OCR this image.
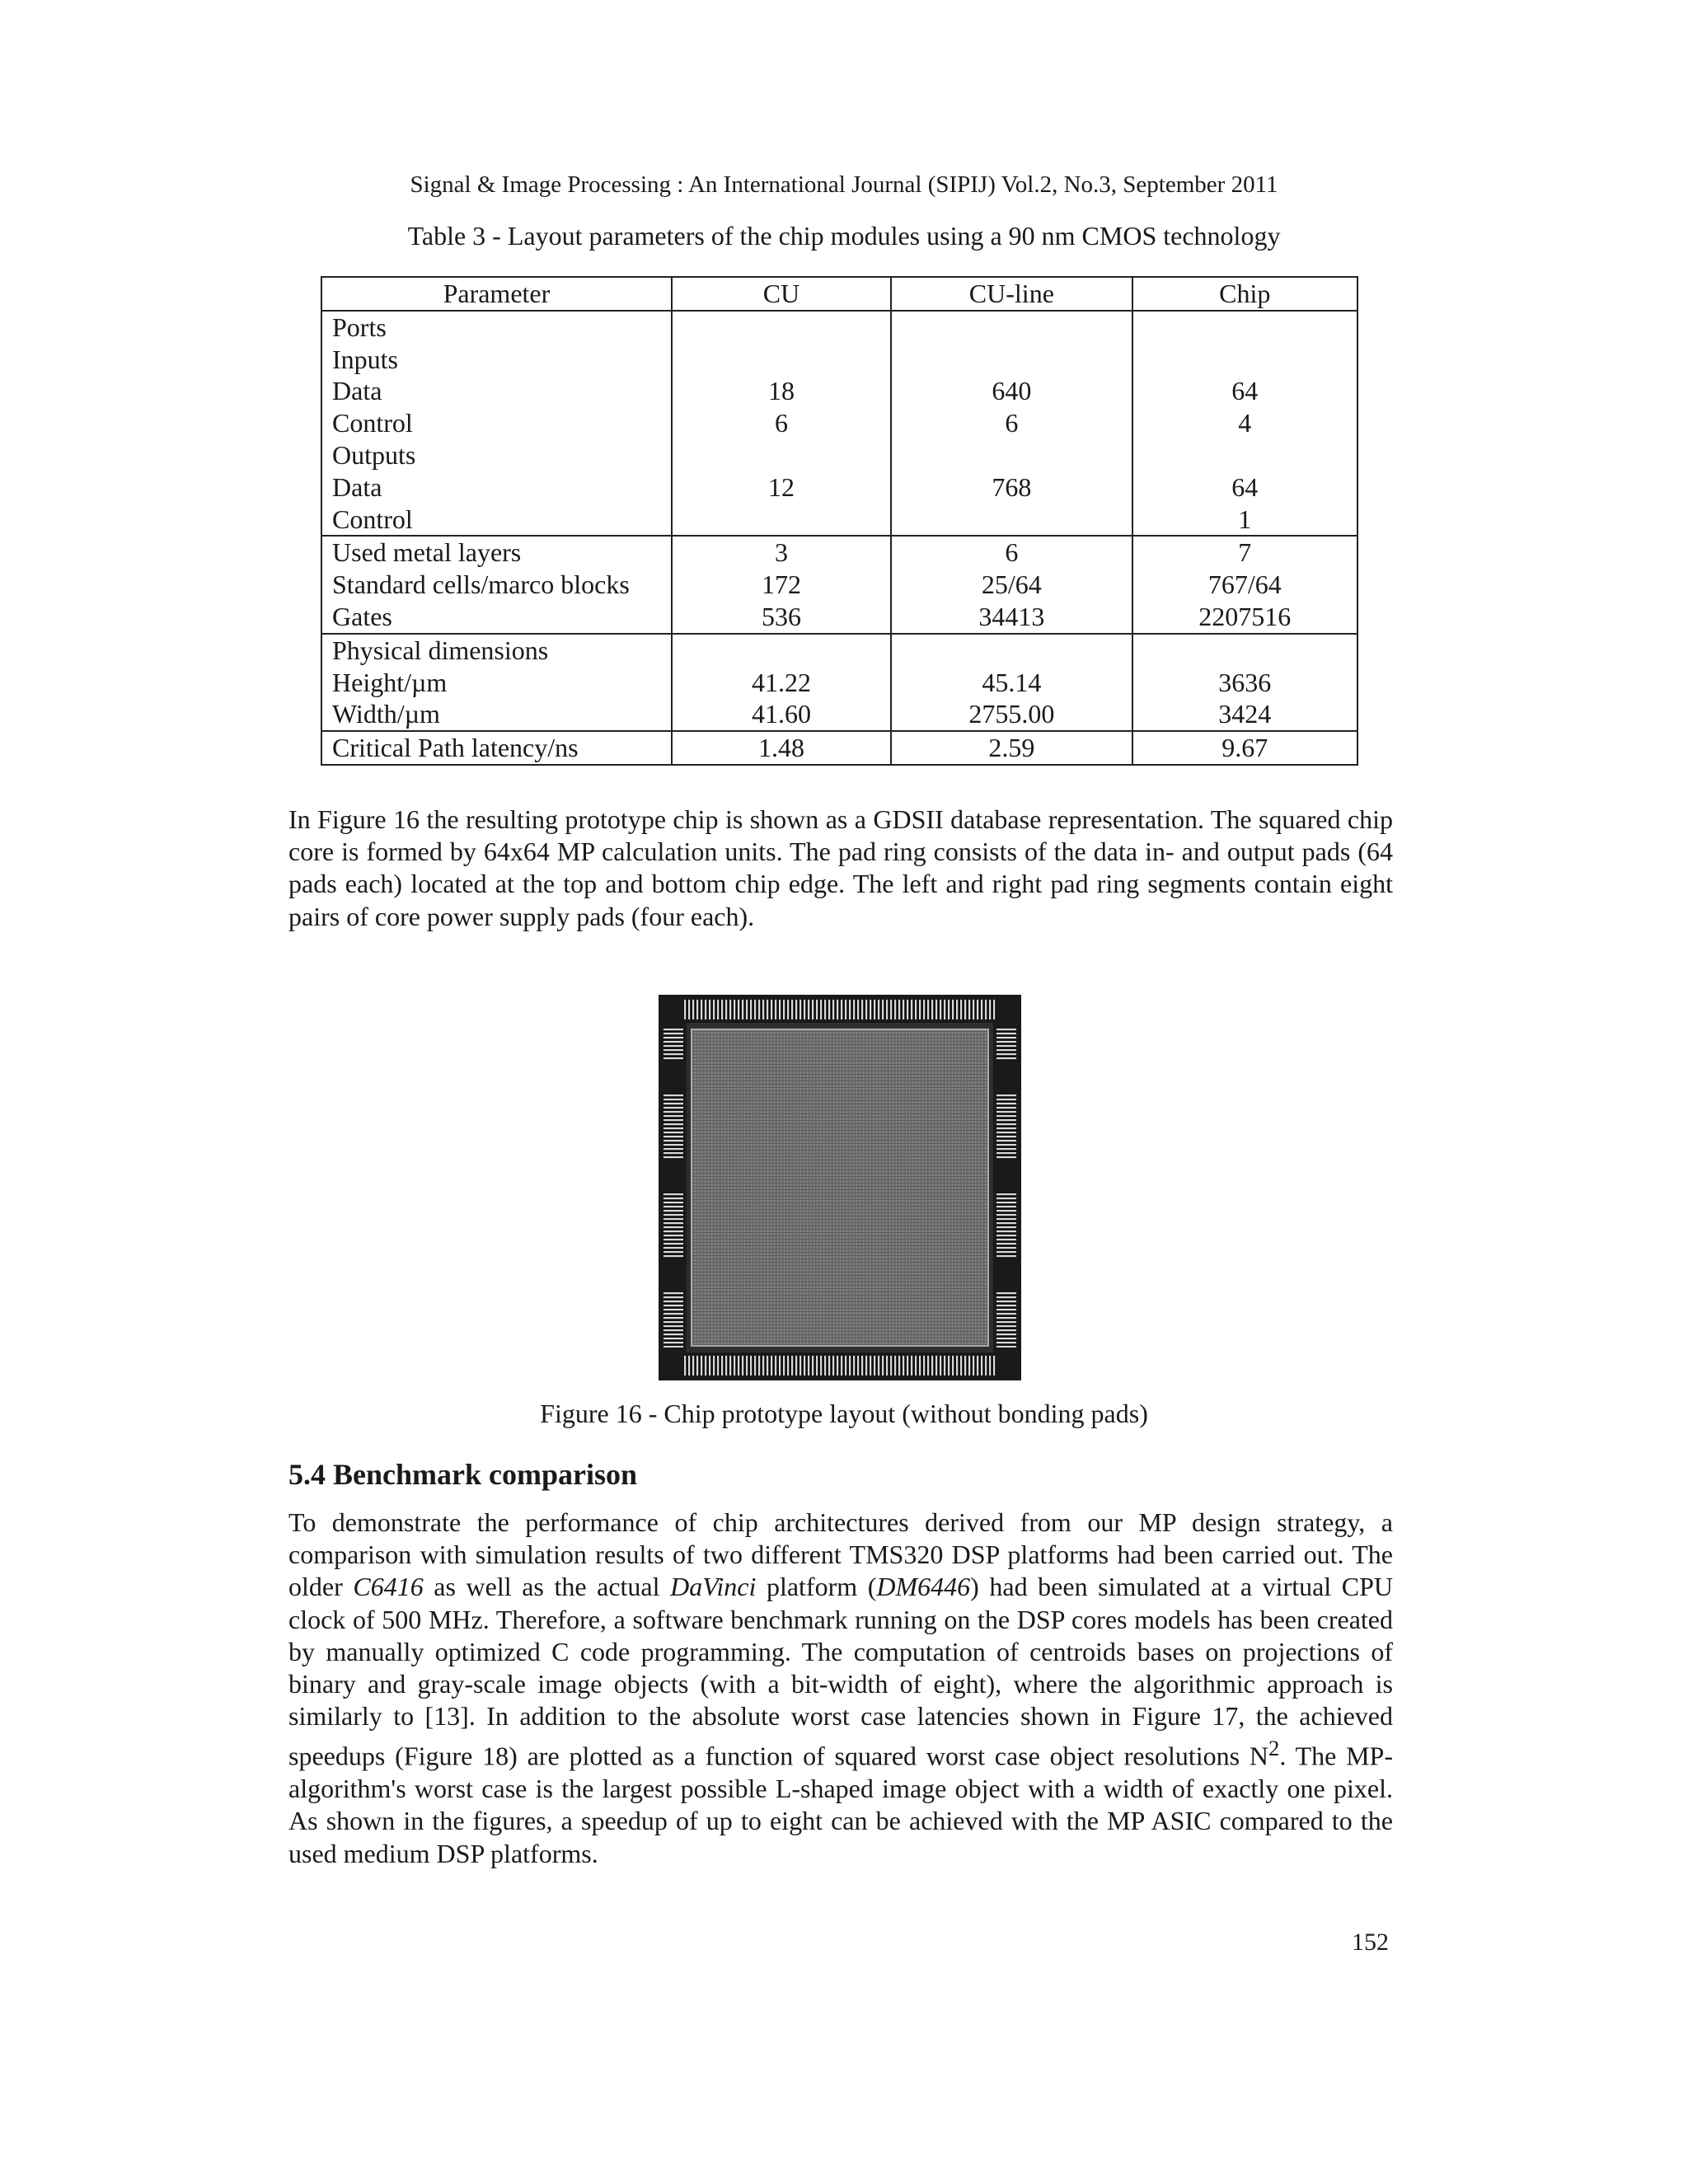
Signal & Image Processing : An International Journal (SIPIJ) Vol.2, No.3, September 2011
Table 3 - Layout parameters of the chip modules using a 90 nm CMOS technology
Parameter	CU	CU-line	Chip
Ports			
Inputs			
Data	18	640	64
Control	6	6	4
Outputs			
Data	12	768	64
Control			1
Used metal layers	3	6	7
Standard cells/marco blocks	172	25/64	767/64
Gates	536	34413	2207516
Physical dimensions			
Height/µm	41.22	45.14	3636
Width/µm	41.60	2755.00	3424
Critical Path latency/ns	1.48	2.59	9.67
In Figure 16 the resulting prototype chip is shown as a GDSII database representation. The squared chip core is formed by 64x64 MP calculation units. The pad ring consists of the data in- and output pads (64 pads each) located at the top and bottom chip edge. The left and right pad ring segments contain eight pairs of core power supply pads (four each).
Figure 16 - Chip prototype layout (without bonding pads)
5.4 Benchmark comparison
To demonstrate the performance of chip architectures derived from our MP design strategy, a comparison with simulation results of two different TMS320 DSP platforms had been carried out. The older C6416 as well as the actual DaVinci platform (DM6446) had been simulated at a virtual CPU clock of 500 MHz. Therefore, a software benchmark running on the DSP cores models has been created by manually optimized C code programming. The computation of centroids bases on projections of binary and gray-scale image objects (with a bit-width of eight), where the algorithmic approach is similarly to [13]. In addition to the absolute worst case latencies shown in Figure 17, the achieved speedups (Figure 18) are plotted as a function of squared worst case object resolutions $N^2$. The MP-algorithm's worst case is the largest possible L-shaped image object with a width of exactly one pixel. As shown in the figures, a speedup of up to eight can be achieved with the MP ASIC compared to the used medium DSP platforms.
152
